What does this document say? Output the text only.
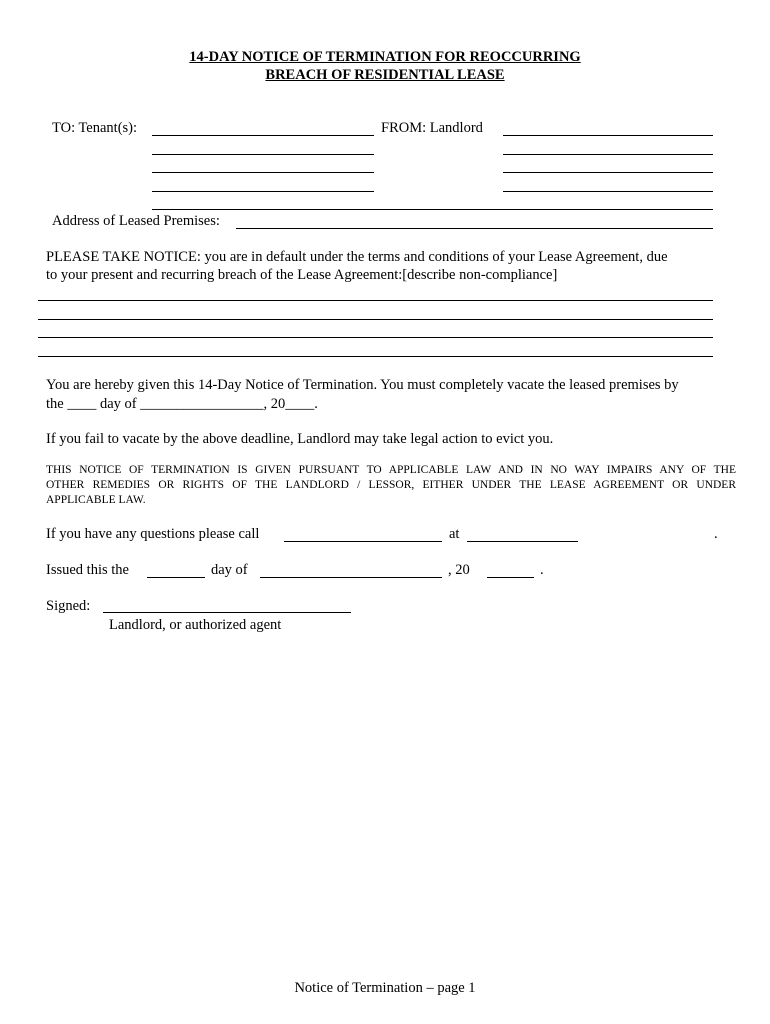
14-DAY NOTICE OF TERMINATION FOR REOCCURRING
BREACH OF RESIDENTIAL LEASE
TO: Tenant(s):	FROM: Landlord
Address of Leased Premises:
PLEASE TAKE NOTICE: you are in default under the terms and conditions of your Lease Agreement, due
to your present and recurring breach of the Lease Agreement:[describe non-compliance]
You are hereby given this 14-Day Notice of Termination. You must completely vacate the leased premises by
the ____ day of _________________, 20____.
If you fail to vacate by the above deadline, Landlord may take legal action to evict you.
THIS NOTICE OF TERMINATION IS GIVEN PURSUANT TO APPLICABLE LAW AND IN NO WAY IMPAIRS ANY OF THE
OTHER REMEDIES OR RIGHTS OF THE LANDLORD / LESSOR, EITHER UNDER THE LEASE AGREEMENT OR UNDER
APPLICABLE LAW.
If you have any questions please call	at	.
Issued this the	day of	, 20	.
Signed:
Landlord, or authorized agent
Notice of Termination – page 1
